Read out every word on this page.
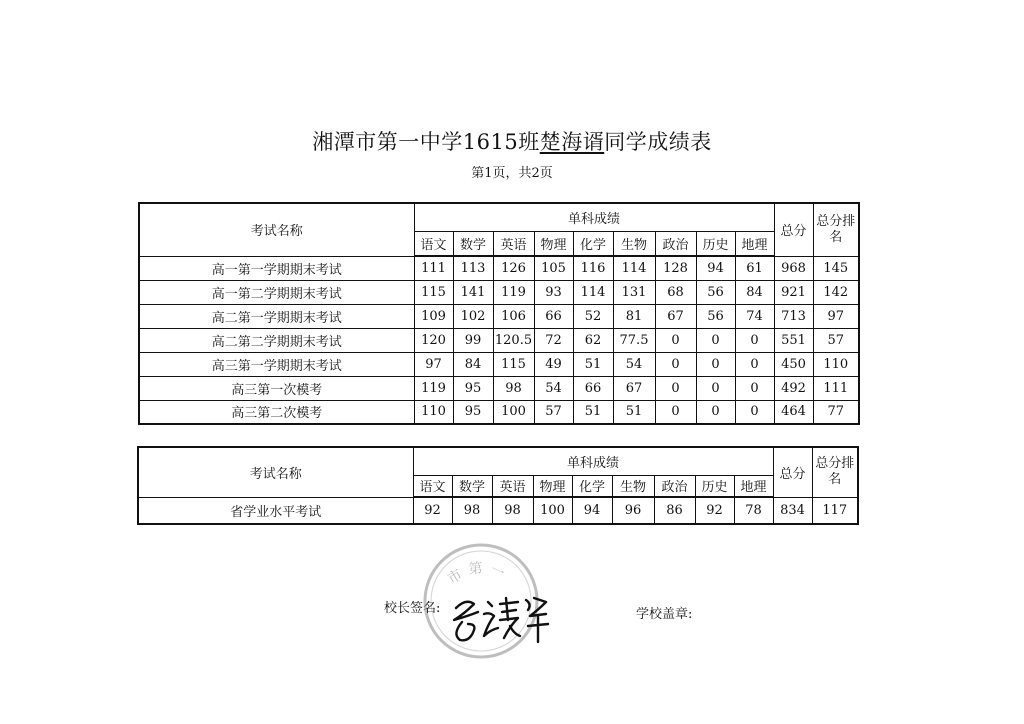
湘潭市第一中学1615班楚海谞同学成绩表
第1页，共2页
考试名称	单科成绩									总分	总分排名
	语文	数学	英语	物理	化学	生物	政治	历史	地理		
高一第一学期期末考试	111	113	126	105	116	114	128	94	61	968	145
高一第二学期期末考试	115	141	119	93	114	131	68	56	84	921	142
高二第一学期期末考试	109	102	106	66	52	81	67	56	74	713	97
高二第二学期期末考试	120	99	120.5	72	62	77.5	0	0	0	551	57
高三第一学期期末考试	97	84	115	49	51	54	0	0	0	450	110
高三第一次模考	119	95	98	54	66	67	0	0	0	492	111
高三第二次模考	110	95	100	57	51	51	0	0	0	464	77
考试名称	单科成绩									总分	总分排名
	语文	数学	英语	物理	化学	生物	政治	历史	地理		
省学业水平考试	92	98	98	100	94	96	86	92	78	834	117
市第一
校长签名:	学校盖章:
